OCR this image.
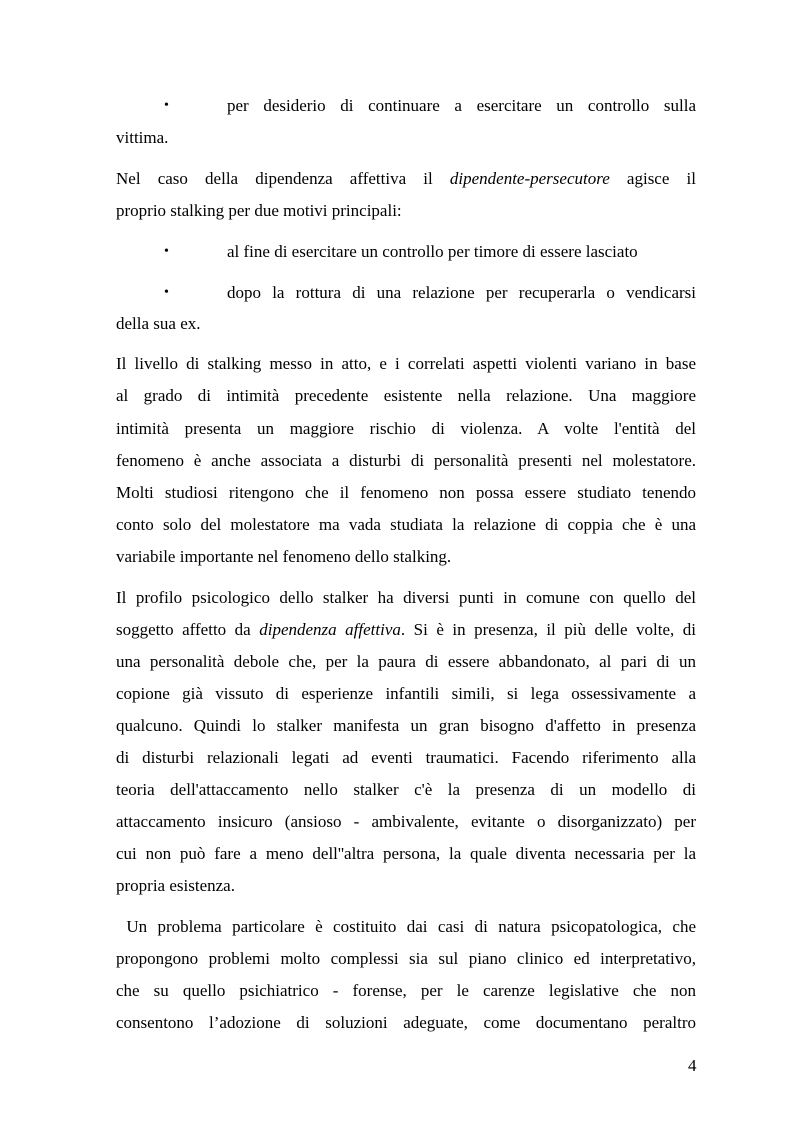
•	per desiderio di continuare a esercitare un controllo sulla
vittima.
Nel caso della dipendenza affettiva il dipendente-persecutore agisce il
proprio stalking per due motivi principali:
•	al fine di esercitare un controllo per timore di essere lasciato
•	dopo la rottura di una relazione per recuperarla o vendicarsi
della sua ex.
Il livello di stalking messo in atto, e i correlati aspetti violenti variano in base
al grado di intimità precedente esistente nella relazione. Una maggiore
intimità presenta un maggiore rischio di violenza. A volte l'entità del
fenomeno è anche associata a disturbi di personalità presenti nel molestatore.
Molti studiosi ritengono che il fenomeno non possa essere studiato tenendo
conto solo del molestatore ma vada studiata la relazione di coppia che è una
variabile importante nel fenomeno dello stalking.
Il profilo psicologico dello stalker ha diversi punti in comune con quello del
soggetto affetto da dipendenza affettiva. Si è in presenza, il più delle volte, di
una personalità debole che, per la paura di essere abbandonato, al pari di un
copione già vissuto di esperienze infantili simili, si lega ossessivamente a
qualcuno. Quindi lo stalker manifesta un gran bisogno d'affetto in presenza
di disturbi relazionali legati ad eventi traumatici. Facendo riferimento alla
teoria dell'attaccamento nello stalker c'è la presenza di un modello di
attaccamento insicuro (ansioso - ambivalente, evitante o disorganizzato) per
cui non può fare a meno dell''altra persona, la quale diventa necessaria per la
propria esistenza.
Un problema particolare è costituito dai casi di natura psicopatologica, che
propongono problemi molto complessi sia sul piano clinico ed interpretativo,
che su quello psichiatrico - forense, per le carenze legislative che non
consentono l’adozione di soluzioni adeguate, come documentano peraltro
4
